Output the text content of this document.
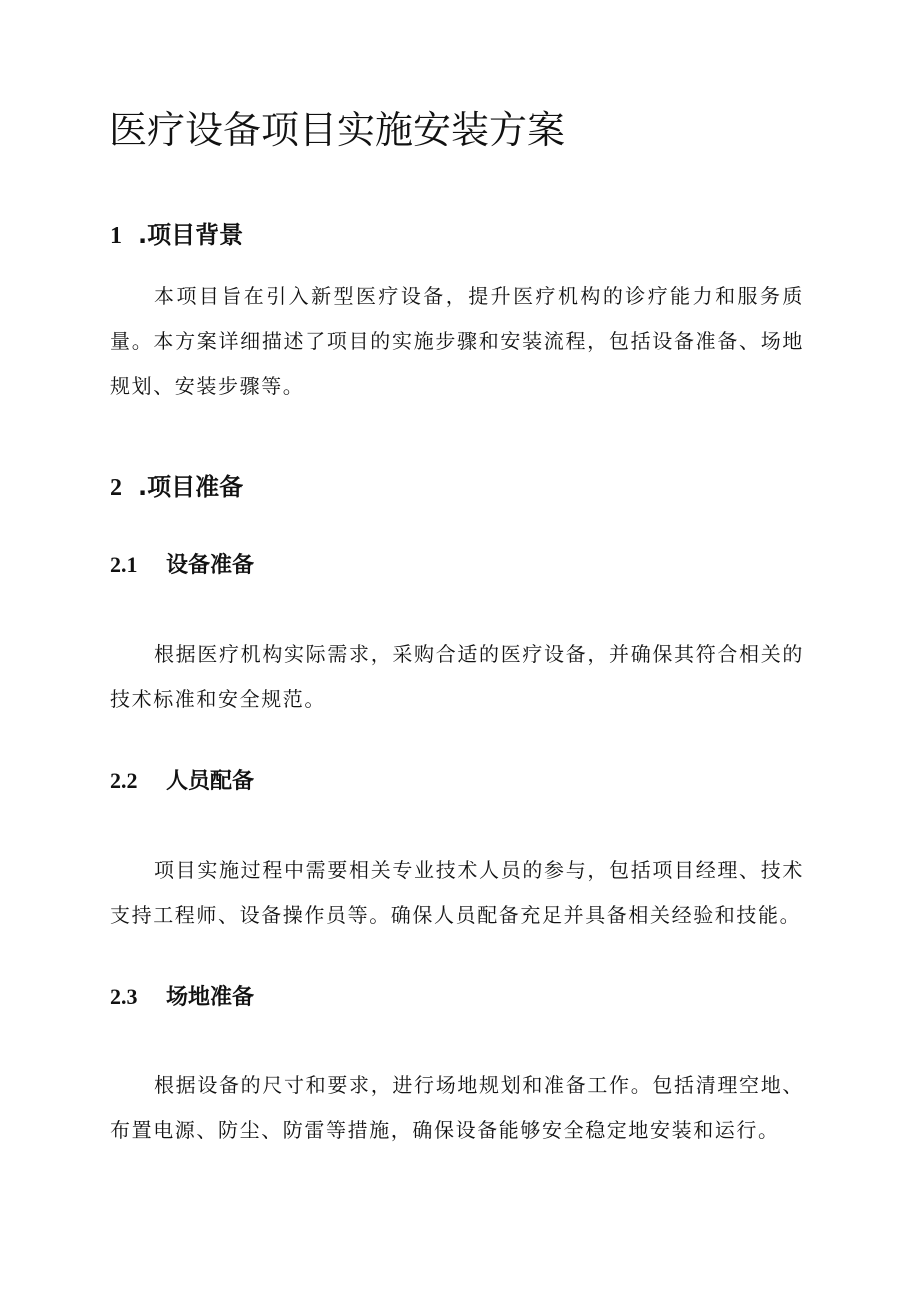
医疗设备项目实施安装方案
1 .项目背景

本项目旨在引入新型医疗设备，提升医疗机构的诊疗能力和服务质量。本方案详细描述了项目的实施步骤和安装流程，包括设备准备、场地规划、安装步骤等。

2 .项目准备
2.1 设备准备

根据医疗机构实际需求，采购合适的医疗设备，并确保其符合相关的技术标准和安全规范。

2.2 人员配备

项目实施过程中需要相关专业技术人员的参与，包括项目经理、技术支持工程师、设备操作员等。确保人员配备充足并具备相关经验和技能。

2.3 场地准备

根据设备的尺寸和要求，进行场地规划和准备工作。包括清理空地、布置电源、防尘、防雷等措施，确保设备能够安全稳定地安装和运行。
